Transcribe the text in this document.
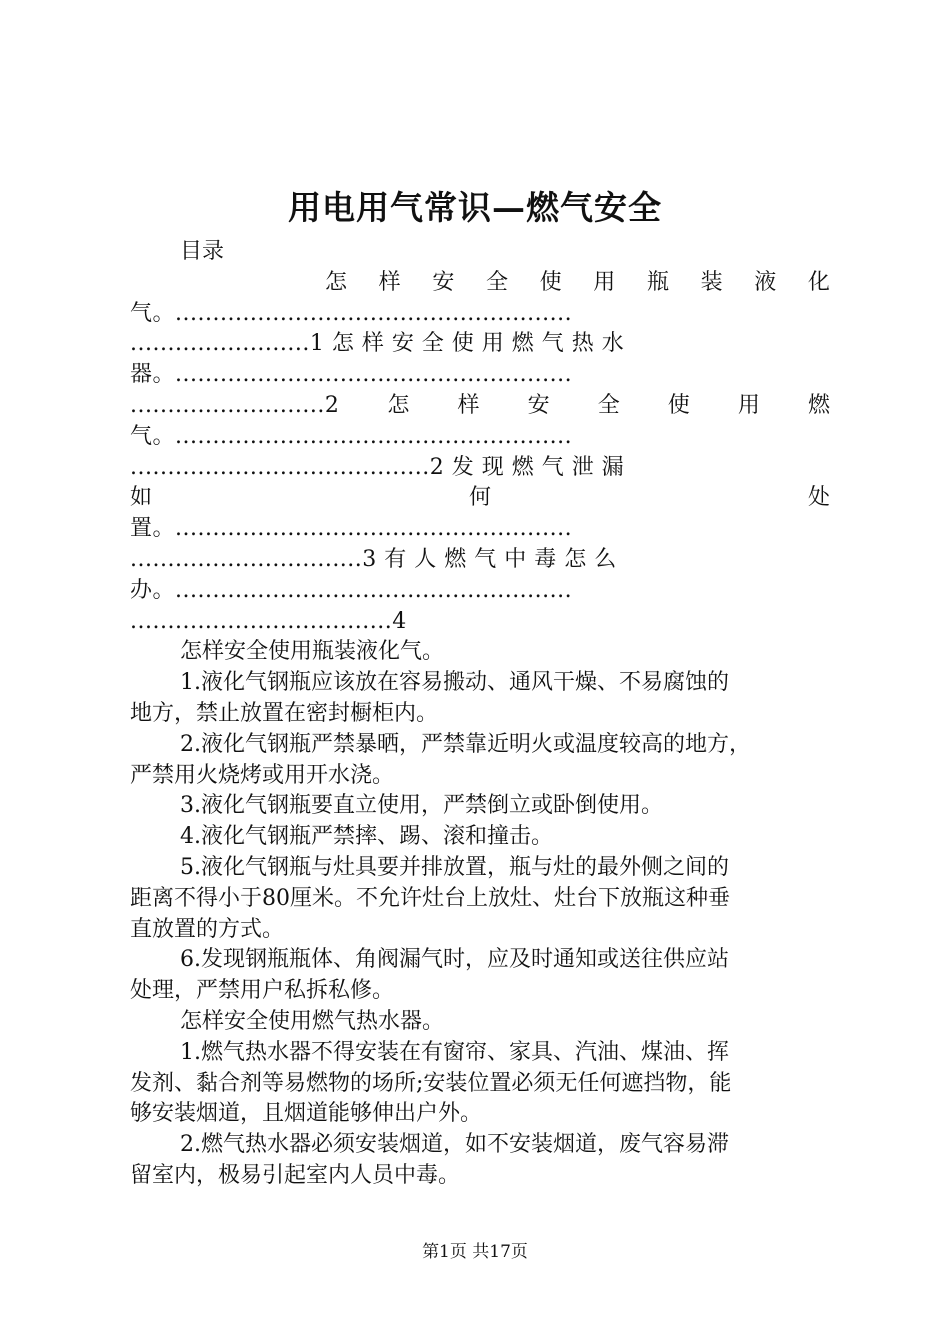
用电用气常识—燃气安全
目录
怎 样 安 全 使 用 瓶 装 液 化
气。.....................................................
........................1 怎 样 安 全 使 用 燃 气 热 水
器。.....................................................
..........................2 怎 样 安 全 使 用 燃
气。.....................................................
........................................2 发 现 燃 气 泄 漏
如	何	处
置。.....................................................
...............................3 有 人 燃 气 中 毒 怎 么
办。.....................................................
...................................4
怎样安全使用瓶装液化气。
1.液化气钢瓶应该放在容易搬动、通风干燥、不易腐蚀的
地方，禁止放置在密封橱柜内。
2.液化气钢瓶严禁暴晒，严禁靠近明火或温度较高的地方，
严禁用火烧烤或用开水浇。
3.液化气钢瓶要直立使用，严禁倒立或卧倒使用。
4.液化气钢瓶严禁摔、踢、滚和撞击。
5.液化气钢瓶与灶具要并排放置，瓶与灶的最外侧之间的
距离不得小于80厘米。不允许灶台上放灶、灶台下放瓶这种垂
直放置的方式。
6.发现钢瓶瓶体、角阀漏气时，应及时通知或送往供应站
处理，严禁用户私拆私修。
怎样安全使用燃气热水器。
1.燃气热水器不得安装在有窗帘、家具、汽油、煤油、挥
发剂、黏合剂等易燃物的场所;安装位置必须无任何遮挡物，能
够安装烟道，且烟道能够伸出户外。
2.燃气热水器必须安装烟道，如不安装烟道，废气容易滞
留室内，极易引起室内人员中毒。
第1页 共17页
